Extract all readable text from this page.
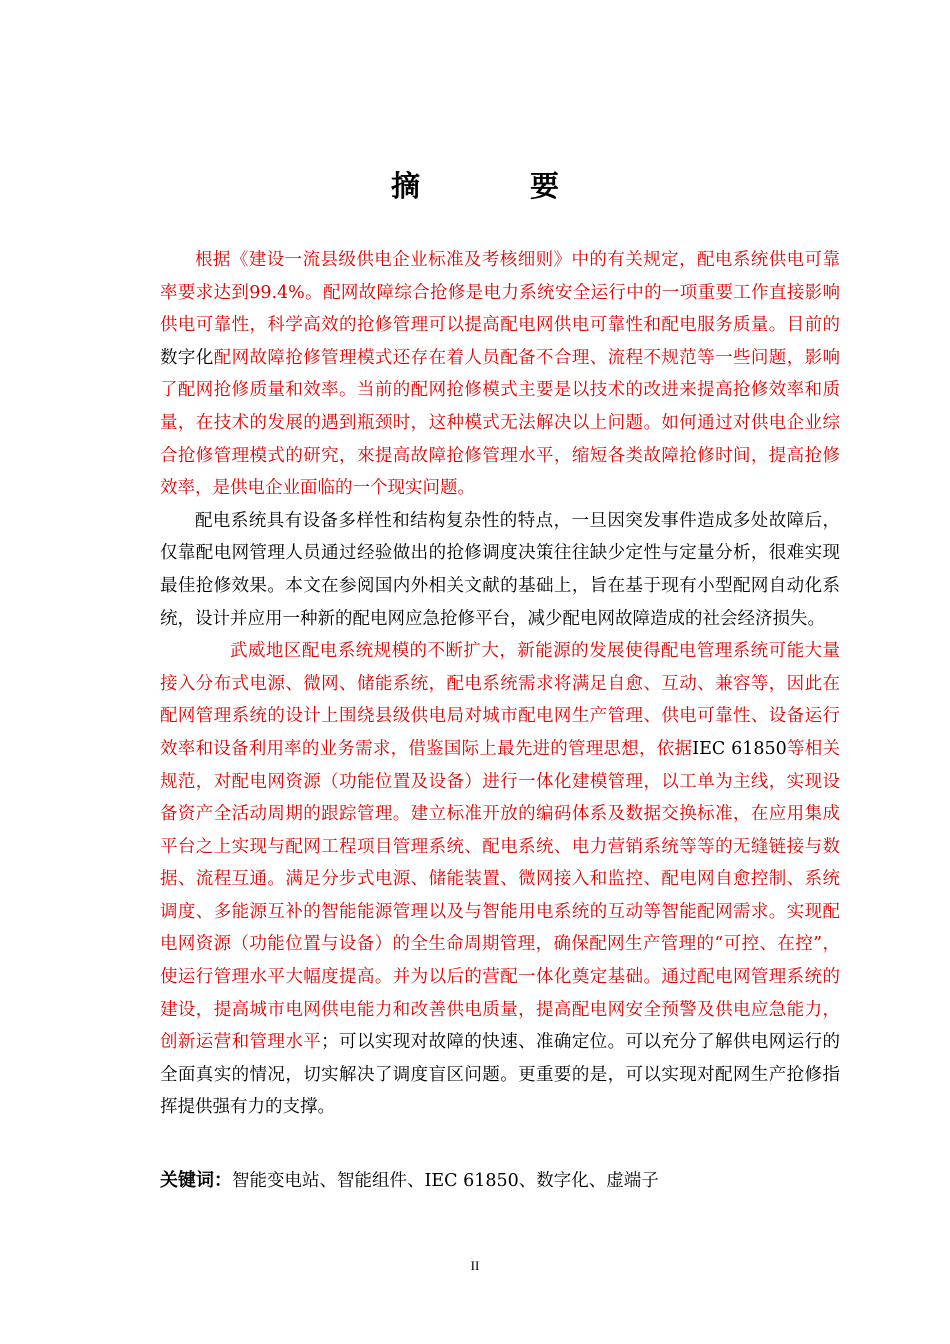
摘 要

根据《建设一流县级供电企业标准及考核细则》中的有关规定，配电系统供电可靠率要求达到99.4%。配网故障综合抢修是电力系统安全运行中的一项重要工作直接影响供电可靠性，科学高效的抢修管理可以提高配电网供电可靠性和配电服务质量。目前的数字化配网故障抢修管理模式还存在着人员配备不合理、流程不规范等一些问题，影响了配网抢修质量和效率。当前的配网抢修模式主要是以技术的改进来提高抢修效率和质量，在技术的发展的遇到瓶颈时，这种模式无法解决以上问题。如何通过对供电企业综合抢修管理模式的研究，來提高故障抢修管理水平，缩短各类故障抢修时间，提高抢修效率，是供电企业面临的一个现实问题。

配电系统具有设备多样性和结构复杂性的特点，一旦因突发事件造成多处故障后，仅靠配电网管理人员通过经验做出的抢修调度决策往往缺少定性与定量分析，很难实现最佳抢修效果。本文在参阅国内外相关文献的基础上，旨在基于现有小型配网自动化系统，设计并应用一种新的配电网应急抢修平台，减少配电网故障造成的社会经济损失。

武威地区配电系统规模的不断扩大，新能源的发展使得配电管理系统可能大量接入分布式电源、微网、储能系统，配电系统需求将满足自愈、互动、兼容等，因此在配网管理系统的设计上围绕县级供电局对城市配电网生产管理、供电可靠性、设备运行效率和设备利用率的业务需求，借鉴国际上最先进的管理思想，依据IEC 61850等相关规范，对配电网资源（功能位置及设备）进行一体化建模管理，以工单为主线，实现设备资产全活动周期的跟踪管理。建立标准开放的编码体系及数据交换标准，在应用集成平台之上实现与配网工程项目管理系统、配电系统、电力营销系统等等的无缝链接与数据、流程互通。满足分步式电源、储能装置、微网接入和监控、配电网自愈控制、系统调度、多能源互补的智能能源管理以及与智能用电系统的互动等智能配网需求。实现配电网资源（功能位置与设备）的全生命周期管理，确保配网生产管理的“可控、在控”，使运行管理水平大幅度提高。并为以后的营配一体化奠定基础。通过配电网管理系统的建设，提高城市电网供电能力和改善供电质量，提高配电网安全预警及供电应急能力，创新运营和管理水平；可以实现对故障的快速、准确定位。可以充分了解供电网运行的全面真实的情况，切实解决了调度盲区问题。更重要的是，可以实现对配网生产抢修指挥提供强有力的支撑。

关键词：智能变电站、智能组件、IEC 61850、数字化、虚端子
II
